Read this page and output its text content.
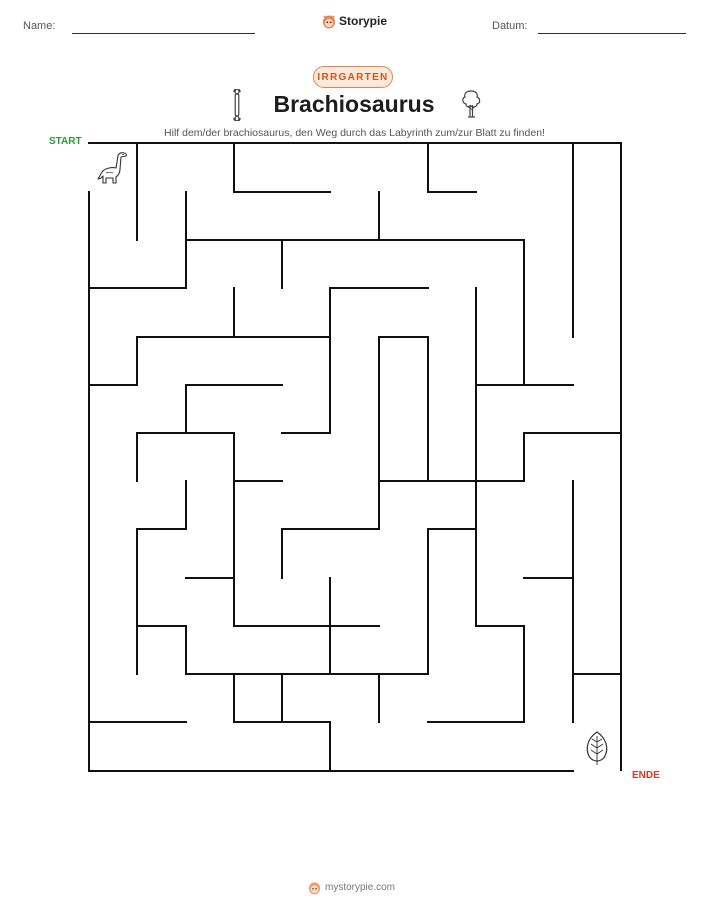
Name:	Storypie	Datum:
IRRGARTEN
Brachiosaurus
Hilf dem/der brachiosaurus, den Weg durch das Labyrinth zum/zur Blatt zu finden!
START
ENDE
mystorypie.com
